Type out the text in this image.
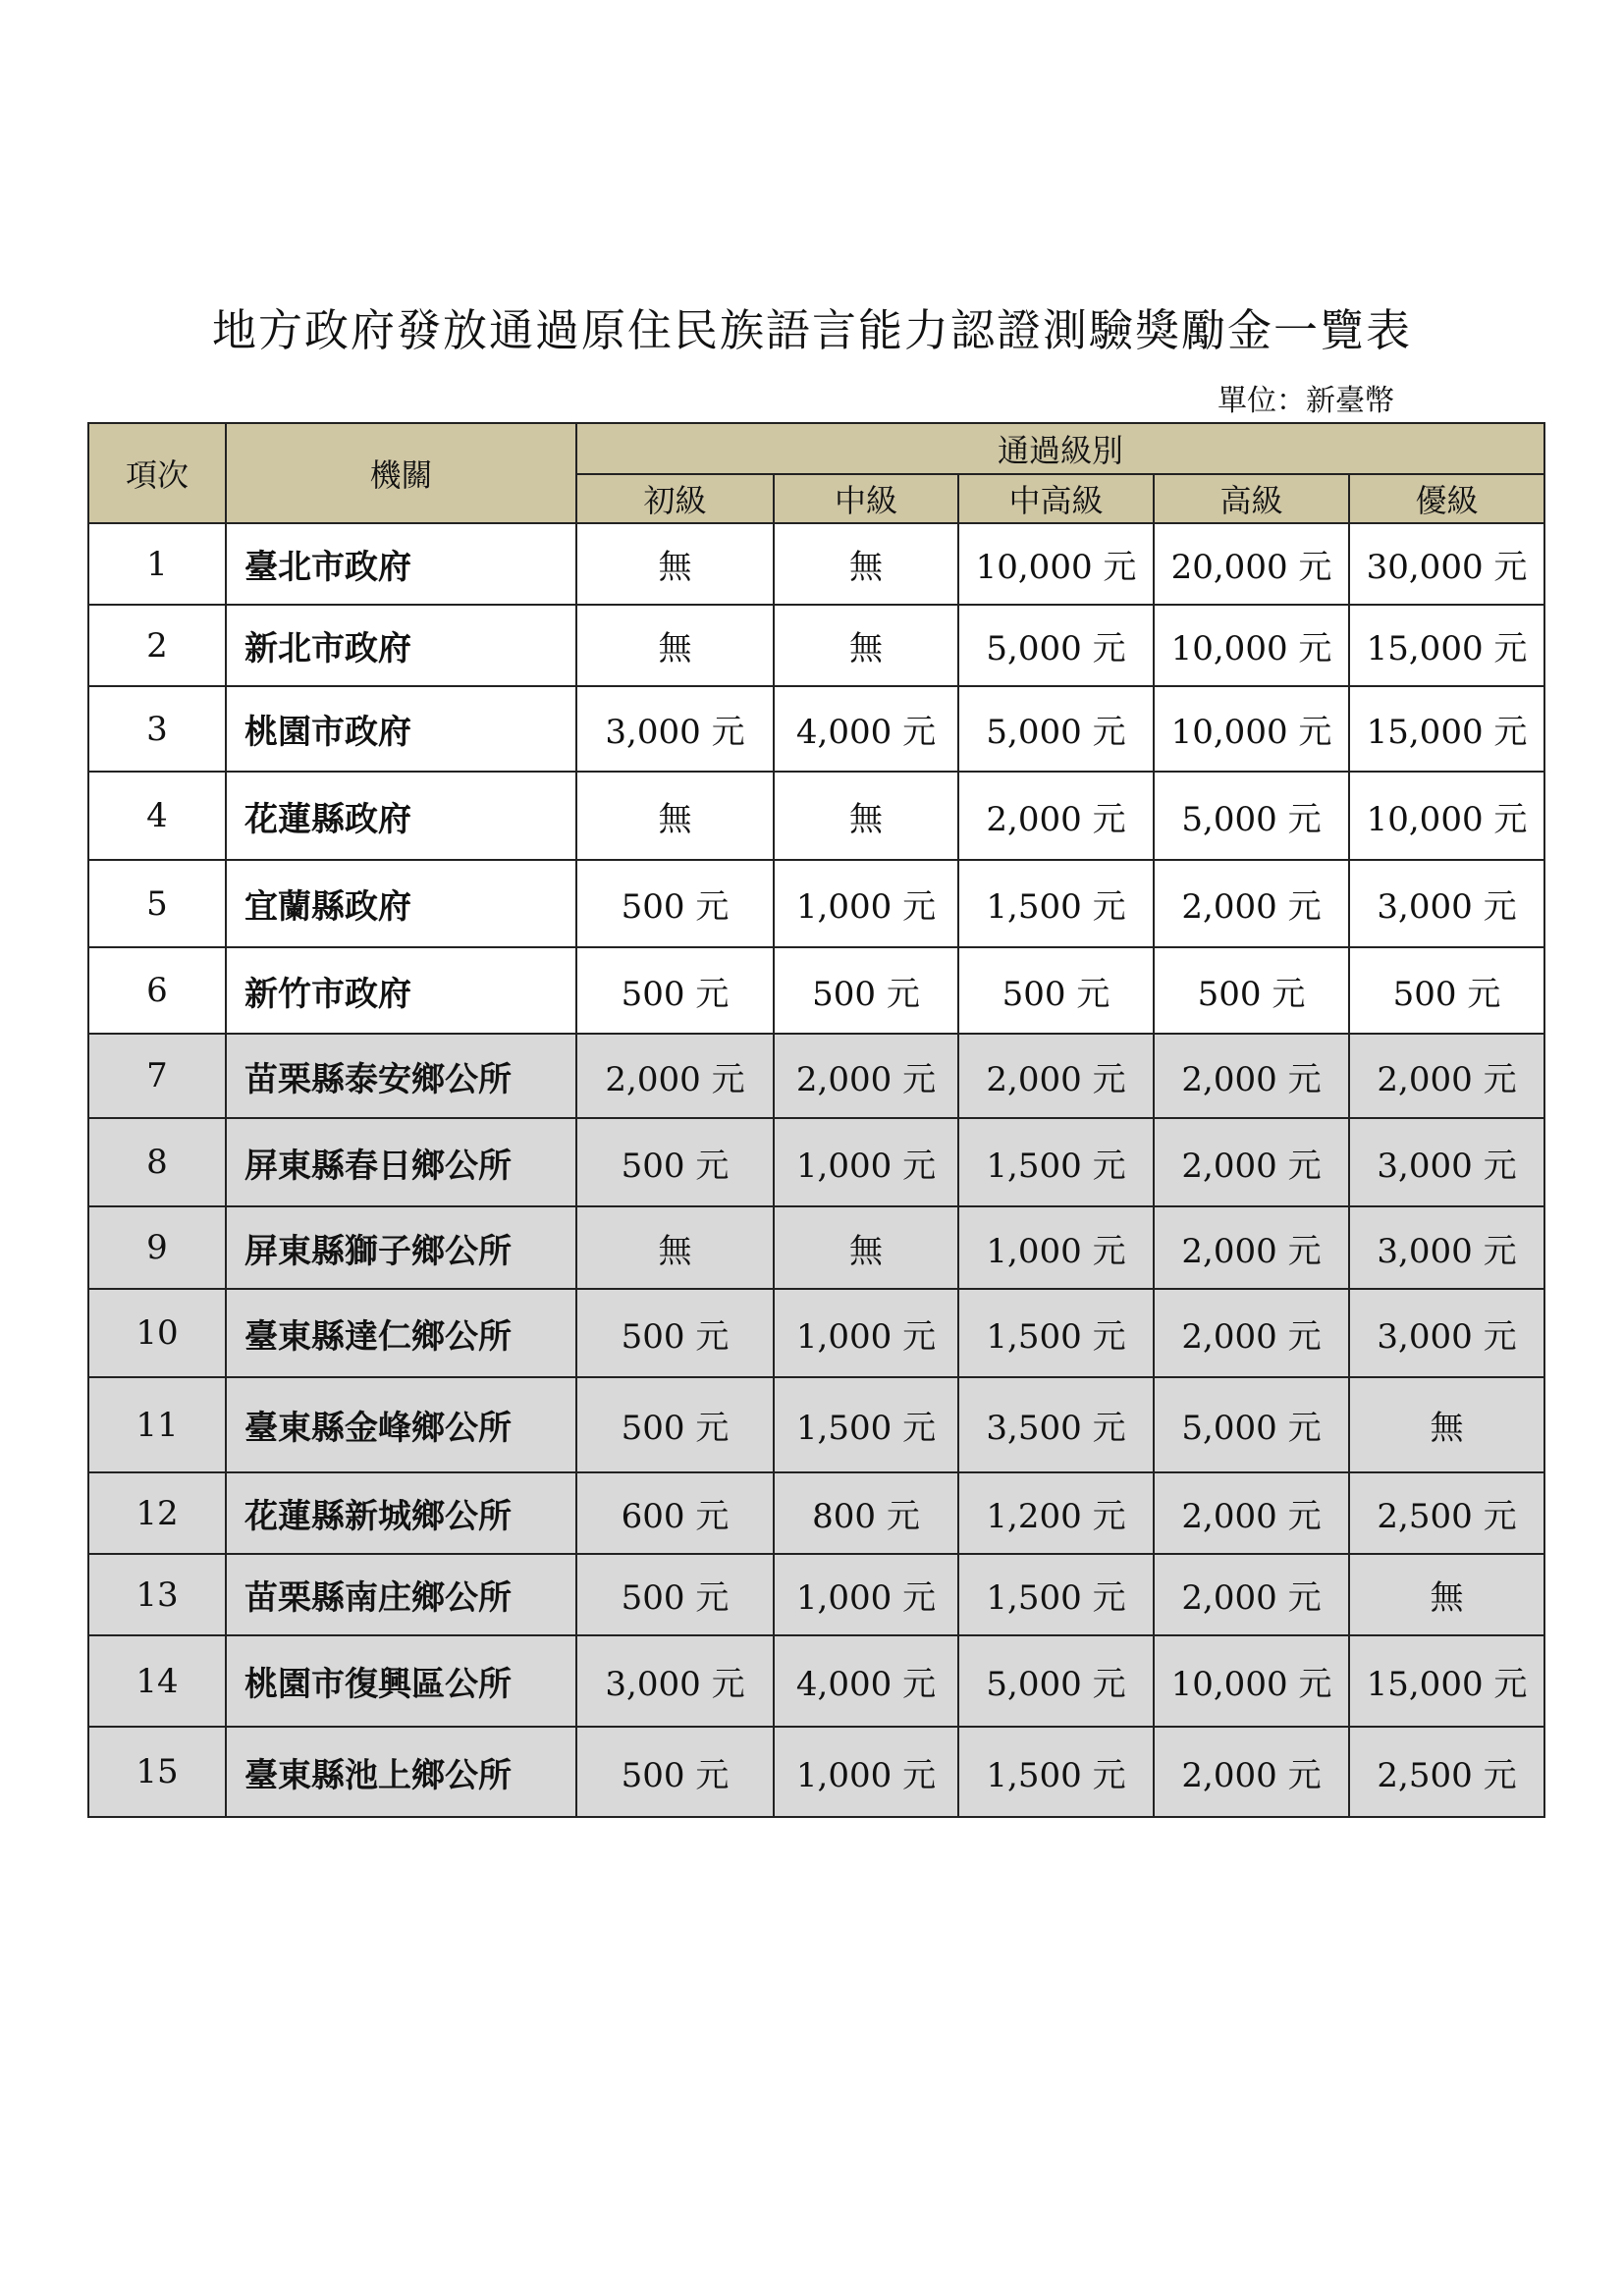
地方政府發放通過原住民族語言能力認證測驗獎勵金一覽表
單位：新臺幣
項次	機關	通過級別				
		初級	中級	中高級	高級	優級
1	臺北市政府	無	無	10,000 元	20,000 元	30,000 元
2	新北市政府	無	無	5,000 元	10,000 元	15,000 元
3	桃園市政府	3,000 元	4,000 元	5,000 元	10,000 元	15,000 元
4	花蓮縣政府	無	無	2,000 元	5,000 元	10,000 元
5	宜蘭縣政府	500 元	1,000 元	1,500 元	2,000 元	3,000 元
6	新竹市政府	500 元	500 元	500 元	500 元	500 元
7	苗栗縣泰安鄉公所	2,000 元	2,000 元	2,000 元	2,000 元	2,000 元
8	屏東縣春日鄉公所	500 元	1,000 元	1,500 元	2,000 元	3,000 元
9	屏東縣獅子鄉公所	無	無	1,000 元	2,000 元	3,000 元
10	臺東縣達仁鄉公所	500 元	1,000 元	1,500 元	2,000 元	3,000 元
11	臺東縣金峰鄉公所	500 元	1,500 元	3,500 元	5,000 元	無
12	花蓮縣新城鄉公所	600 元	800 元	1,200 元	2,000 元	2,500 元
13	苗栗縣南庄鄉公所	500 元	1,000 元	1,500 元	2,000 元	無
14	桃園市復興區公所	3,000 元	4,000 元	5,000 元	10,000 元	15,000 元
15	臺東縣池上鄉公所	500 元	1,000 元	1,500 元	2,000 元	2,500 元
